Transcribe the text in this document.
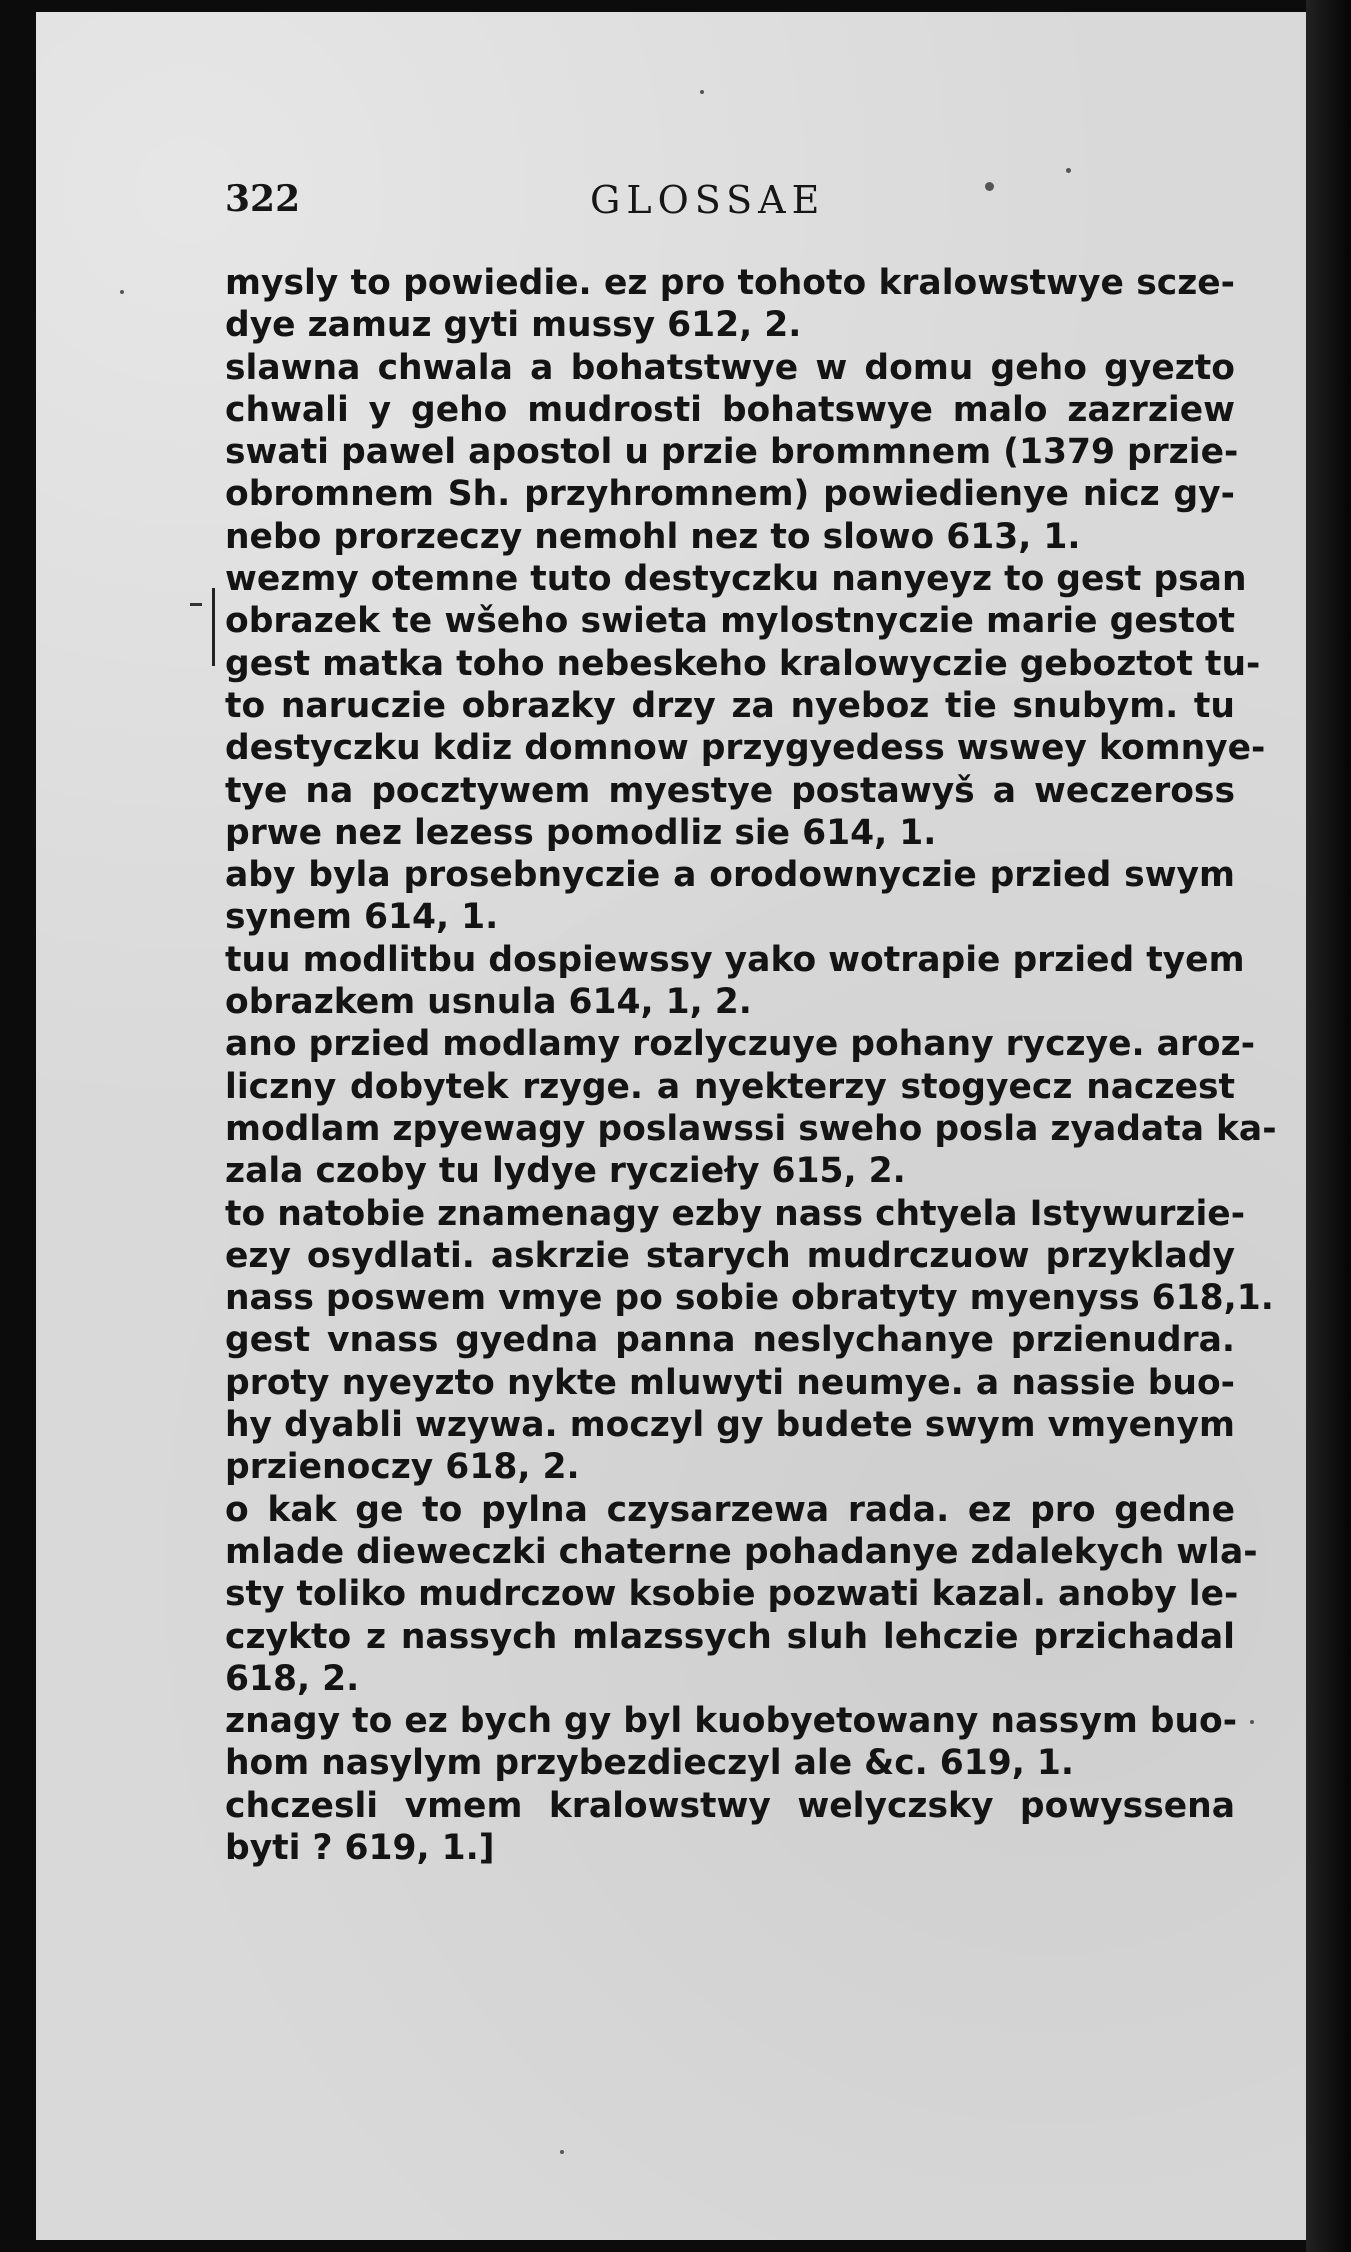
322	GLOSSAE
mysly to powiedie. ez pro tohoto kralowstwye scze-
dye zamuz gyti mussy 612, 2.
slawna chwala a bohatstwye w domu geho gyezto
chwali y geho mudrosti bohatswye malo zazrziew
swati pawel apostol u przie brommnem (1379 przie-
obromnem Sh. przyhromnem) powiedienye nicz gy-
nebo prorzeczy nemohl nez to slowo 613, 1.
wezmy otemne tuto destyczku nanyeyz to gest psan
obrazek te wšeho swieta mylostnyczie marie gestot
gest matka toho nebeskeho kralowyczie geboztot tu-
to naruczie obrazky drzy za nyeboz tie snubym. tu
destyczku kdiz domnow przygyedess wswey komnye-
tye na pocztywem myestye postawyš a weczeross
prwe nez lezess pomodliz sie 614, 1.
aby byla prosebnyczie a orodownyczie przied swym
synem 614, 1.
tuu modlitbu dospiewssy yako wotrapie przied tyem
obrazkem usnula 614, 1, 2.
ano przied modlamy rozlyczuye pohany ryczye. aroz-
liczny dobytek rzyge. a nyekterzy stogyecz naczest
modlam zpyewagy poslawssi sweho posla zyadata ka-
zala czoby tu lydye ryczieły 615, 2.
to natobie znamenagy ezby nass chtyela Istywurzie-
ezy osydlati. askrzie starych mudrczuow przyklady
nass poswem vmye po sobie obratyty myenyss 618,1.
gest vnass gyedna panna neslychanye przienudra.
proty nyeyzto nykte mluwyti neumye. a nassie buo-
hy dyabli wzywa. moczyl gy budete swym vmyenym
przienoczy 618, 2.
o kak ge to pylna czysarzewa rada. ez pro gedne
mlade dieweczki chaterne pohadanye zdalekych wla-
sty toliko mudrczow ksobie pozwati kazal. anoby le-
czykto z nassych mlazssych sluh lehczie przichadal
618, 2.
znagy to ez bych gy byl kuobyetowany nassym buo-
hom nasylym przybezdieczyl ale &c. 619, 1.
chczesli vmem kralowstwy welyczsky powyssena
byti ? 619, 1.]
